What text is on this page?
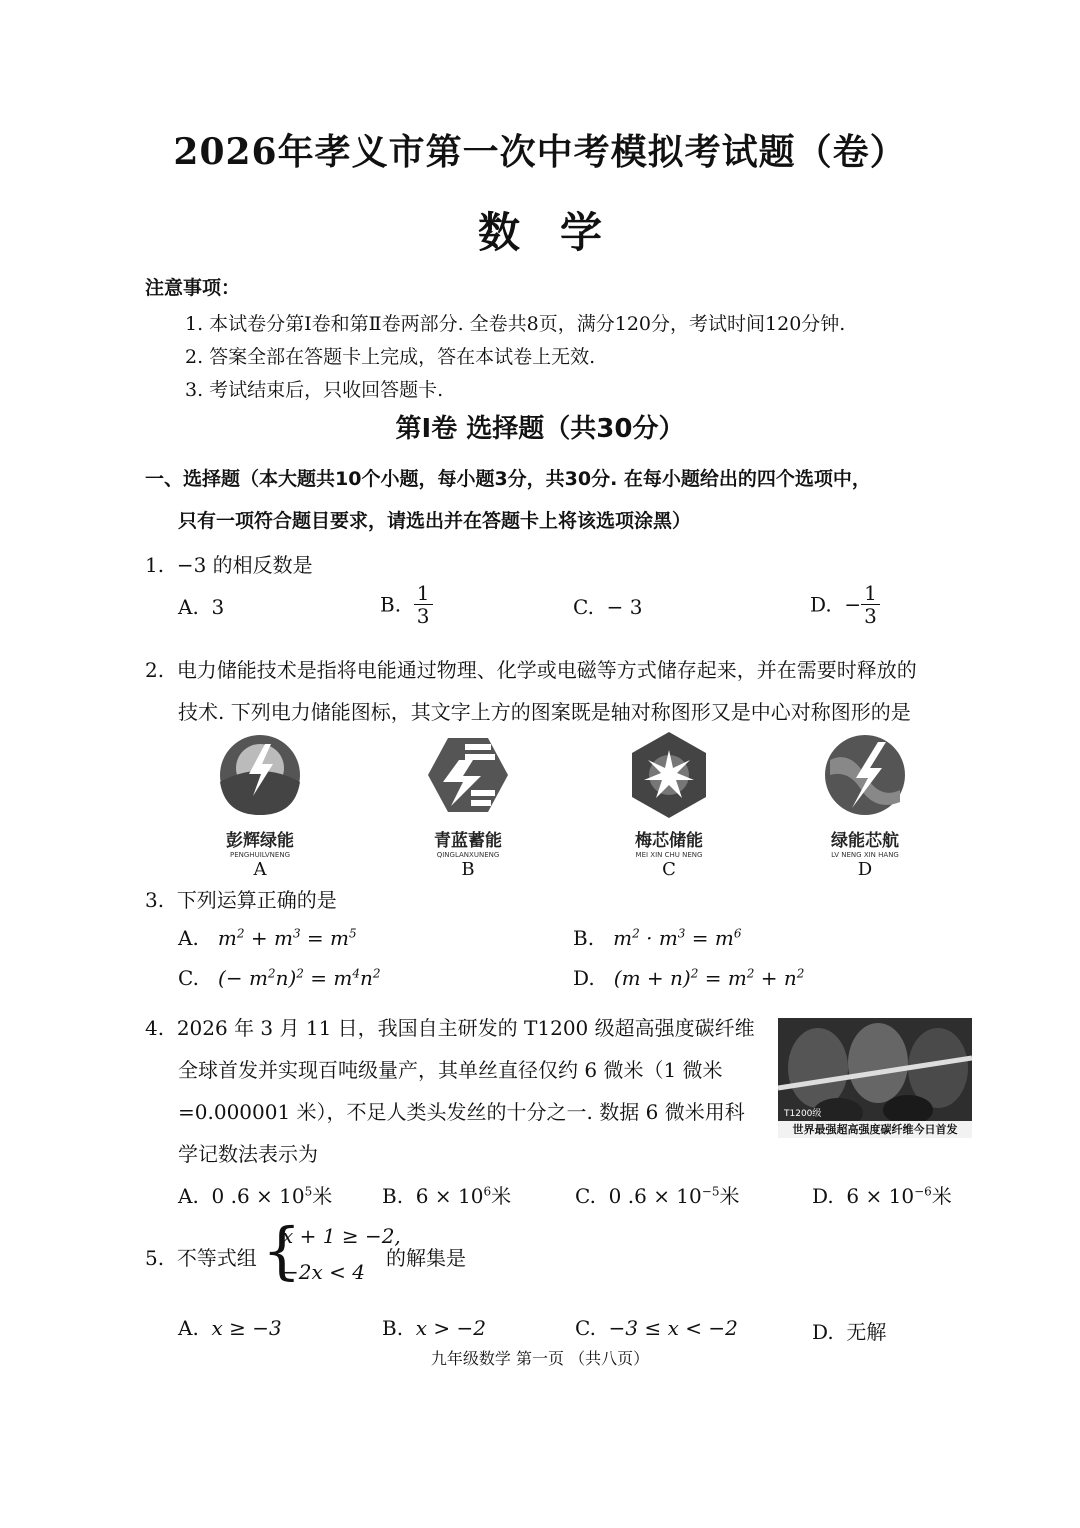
2026年孝义市第一次中考模拟考试题（卷）
数学
注意事项：
1. 本试卷分第Ⅰ卷和第Ⅱ卷两部分. 全卷共8页，满分120分，考试时间120分钟.
2. 答案全部在答题卡上完成，答在本试卷上无效.
3. 考试结束后，只收回答题卡.
第Ⅰ卷 选择题（共30分）
一、选择题（本大题共10个小题，每小题3分，共30分. 在每小题给出的四个选项中，
只有一项符合题目要求，请选出并在答题卡上将该选项涂黑）
1. −3 的相反数是
A. 3	B. $\frac{1}{3}$	C. − 3	D. − $\frac{1}{3}$
2. 电力储能技术是指将电能通过物理、化学或电磁等方式储存起来，并在需要时释放的
技术. 下列电力储能图标，其文字上方的图案既是轴对称图形又是中心对称图形的是
彭辉绿能
PENGHUILVNENG
A
青蓝蓄能
QINGLANXUNENG
B
梅芯储能
MEI XIN CHU NENG
C
绿能芯航
LV NENG XIN HANG
D
3. 下列运算正确的是
A. $m^2 + m^3 = m^5$	B. $m^2 \cdot m^3 = m^6$
C. (− $m^2n)^2 = m^4n^2$	D. $(m + n)^2 = m^2 + n^2$
4. 2026 年 3 月 11 日，我国自主研发的 T1200 级超高强度碳纤维
全球首发并实现百吨级量产，其单丝直径仅约 6 微米（1 微米
=0.000001 米），不足人类头发丝的十分之一. 数据 6 微米用科
学记数法表示为
T1200级
世界最强超高强度碳纤维今日首发
A. 0 $.6 \times 10^5$米 B. $6 \times 10^6$米	C. 0 $.6 \times 10^{-5}$米	D. $6 \times 10^{-6}$米
5. 不等式组 {
x + 1 ≥ −2,
−2x < 4
的解集是
A. x ≥ −3	B. x > −2	C. −3 ≤ x < −2	D. 无解
九年级数学 第一页 （共八页）
